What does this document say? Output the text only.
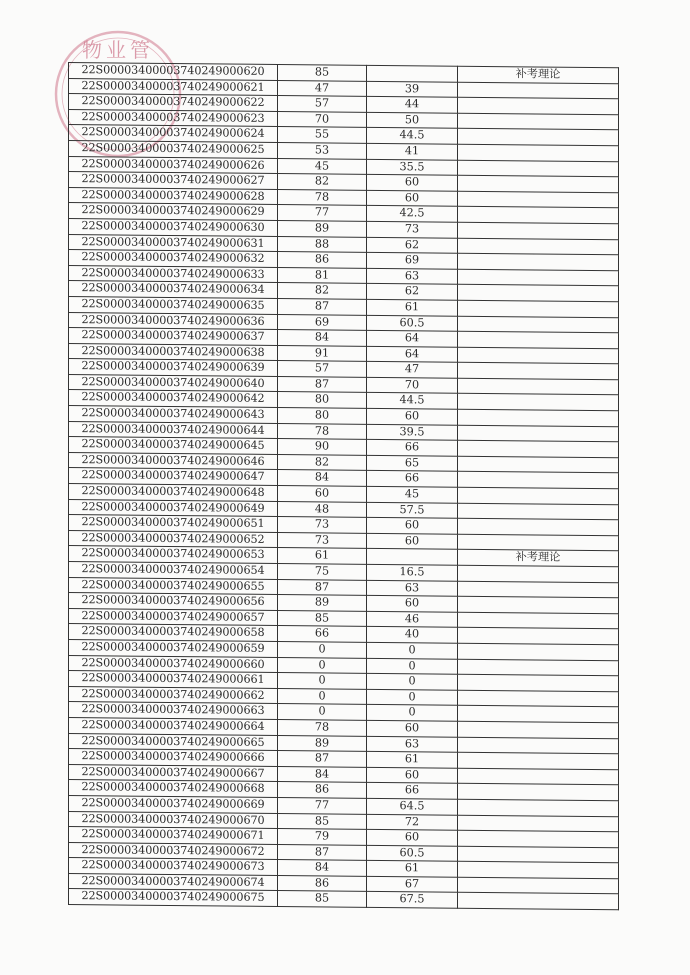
物业管
22S00003400003740249000620	85		补考理论
22S00003400003740249000621	47	39	
22S00003400003740249000622	57	44	
22S00003400003740249000623	70	50	
22S00003400003740249000624	55	44.5	
22S00003400003740249000625	53	41	
22S00003400003740249000626	45	35.5	
22S00003400003740249000627	82	60	
22S00003400003740249000628	78	60	
22S00003400003740249000629	77	42.5	
22S00003400003740249000630	89	73	
22S00003400003740249000631	88	62	
22S00003400003740249000632	86	69	
22S00003400003740249000633	81	63	
22S00003400003740249000634	82	62	
22S00003400003740249000635	87	61	
22S00003400003740249000636	69	60.5	
22S00003400003740249000637	84	64	
22S00003400003740249000638	91	64	
22S00003400003740249000639	57	47	
22S00003400003740249000640	87	70	
22S00003400003740249000642	80	44.5	
22S00003400003740249000643	80	60	
22S00003400003740249000644	78	39.5	
22S00003400003740249000645	90	66	
22S00003400003740249000646	82	65	
22S00003400003740249000647	84	66	
22S00003400003740249000648	60	45	
22S00003400003740249000649	48	57.5	
22S00003400003740249000651	73	60	
22S00003400003740249000652	73	60	
22S00003400003740249000653	61		补考理论
22S00003400003740249000654	75	16.5	
22S00003400003740249000655	87	63	
22S00003400003740249000656	89	60	
22S00003400003740249000657	85	46	
22S00003400003740249000658	66	40	
22S00003400003740249000659	0	0	
22S00003400003740249000660	0	0	
22S00003400003740249000661	0	0	
22S00003400003740249000662	0	0	
22S00003400003740249000663	0	0	
22S00003400003740249000664	78	60	
22S00003400003740249000665	89	63	
22S00003400003740249000666	87	61	
22S00003400003740249000667	84	60	
22S00003400003740249000668	86	66	
22S00003400003740249000669	77	64.5	
22S00003400003740249000670	85	72	
22S00003400003740249000671	79	60	
22S00003400003740249000672	87	60.5	
22S00003400003740249000673	84	61	
22S00003400003740249000674	86	67	
22S00003400003740249000675	85	67.5	
